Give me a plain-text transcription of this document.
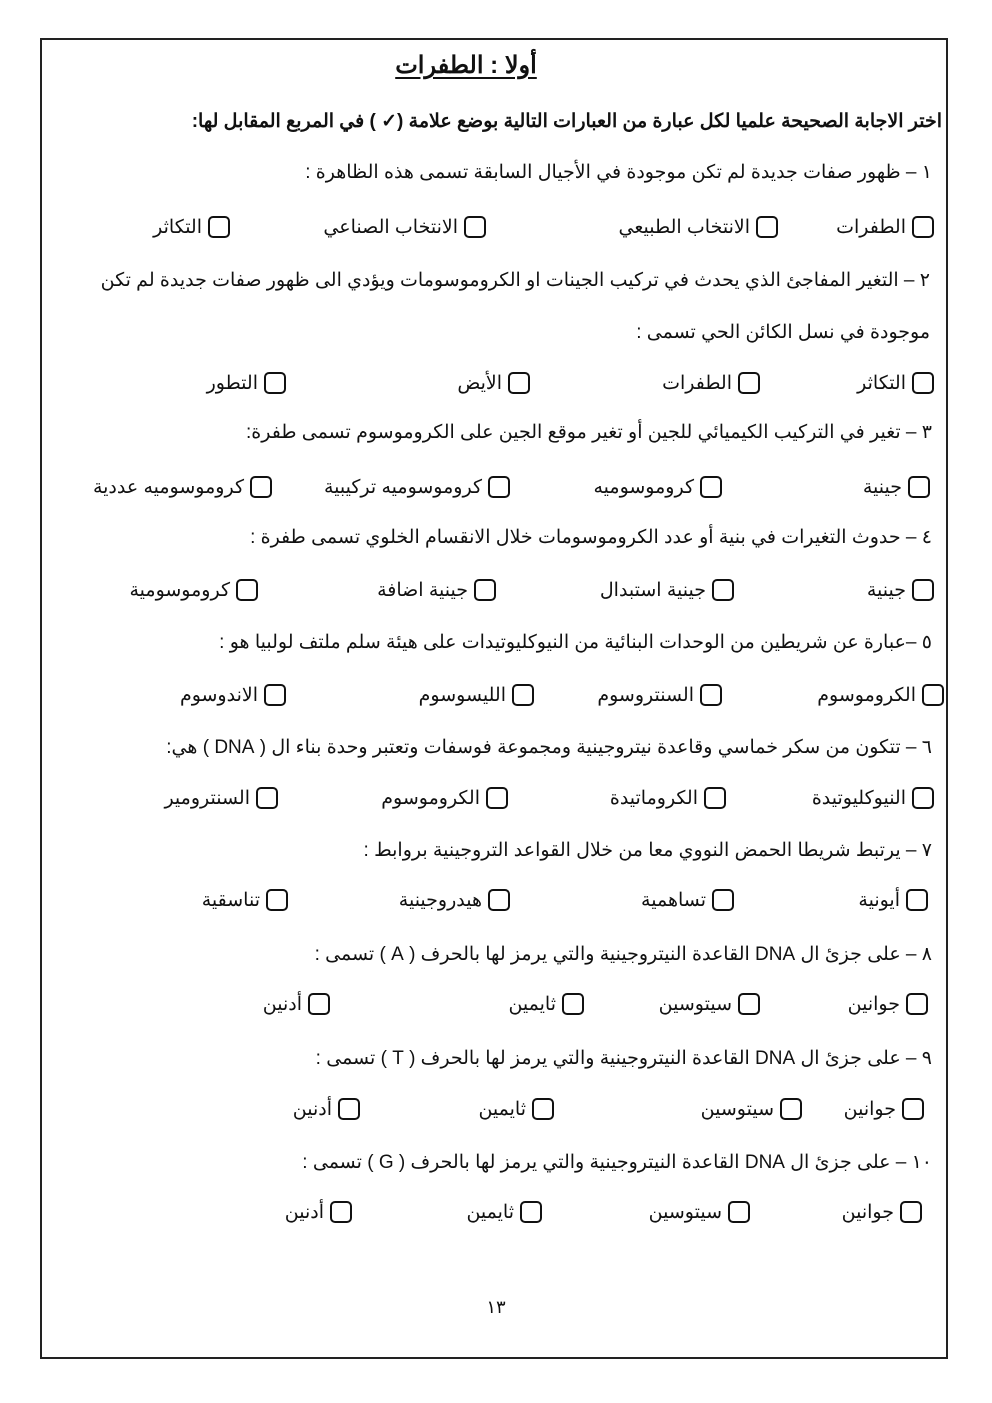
أولا : الطفرات
اختر الاجابة الصحيحة علميا لكل عبارة من العبارات التالية بوضع علامة (✓ ) في المربع المقابل لها:
١ – ظهور صفات جديدة لم تكن موجودة في الأجيال السابقة تسمى هذه الظاهرة :
الطفرات
الانتخاب الطبيعي
الانتخاب الصناعي
التكاثر
٢ – التغير المفاجئ الذي يحدث في تركيب الجينات او الكروموسومات ويؤدي الى ظهور صفات جديدة لم تكن موجودة في نسل الكائن الحي تسمى :
التكاثر
الطفرات
الأيض
التطور
٣ – تغير في التركيب الكيميائي للجين أو تغير موقع الجين على الكروموسوم تسمى طفرة:
جينية
كروموسوميه
كروموسوميه تركيبية
كروموسوميه عددية
٤ – حدوث التغيرات في بنية أو عدد الكروموسومات خلال الانقسام الخلوي تسمى طفرة :
جينية
جينية استبدال
جينية اضافة
كروموسومية
٥ –عبارة عن شريطين من الوحدات البنائية من النيوكليوتيدات على هيئة سلم ملتف لولبيا هو :
الكروموسوم
السنتروسوم
الليسوسوم
الاندوسوم
٦ – تتكون من سكر خماسي وقاعدة نيتروجينية ومجموعة فوسفات وتعتبر وحدة بناء ال ( DNA ) هي:
النيوكليوتيدة
الكروماتيدة
الكروموسوم
السنترومير
٧ – يرتبط شريطا الحمض النووي معا من خلال القواعد التروجينية بروابط :
أيونية
تساهمية
هيدروجينية
تناسقية
٨ – على جزئ ال DNA القاعدة النيتروجينية والتي يرمز لها بالحرف ( A ) تسمى :
جوانين
سيتوسين
ثايمين
أدنين
٩ – على جزئ ال DNA القاعدة النيتروجينية والتي يرمز لها بالحرف ( T ) تسمى :
جوانين
سيتوسين
ثايمين
أدنين
١٠ – على جزئ ال DNA القاعدة النيتروجينية والتي يرمز لها بالحرف ( G ) تسمى :
جوانين
سيتوسين
ثايمين
أدنين
١٣
